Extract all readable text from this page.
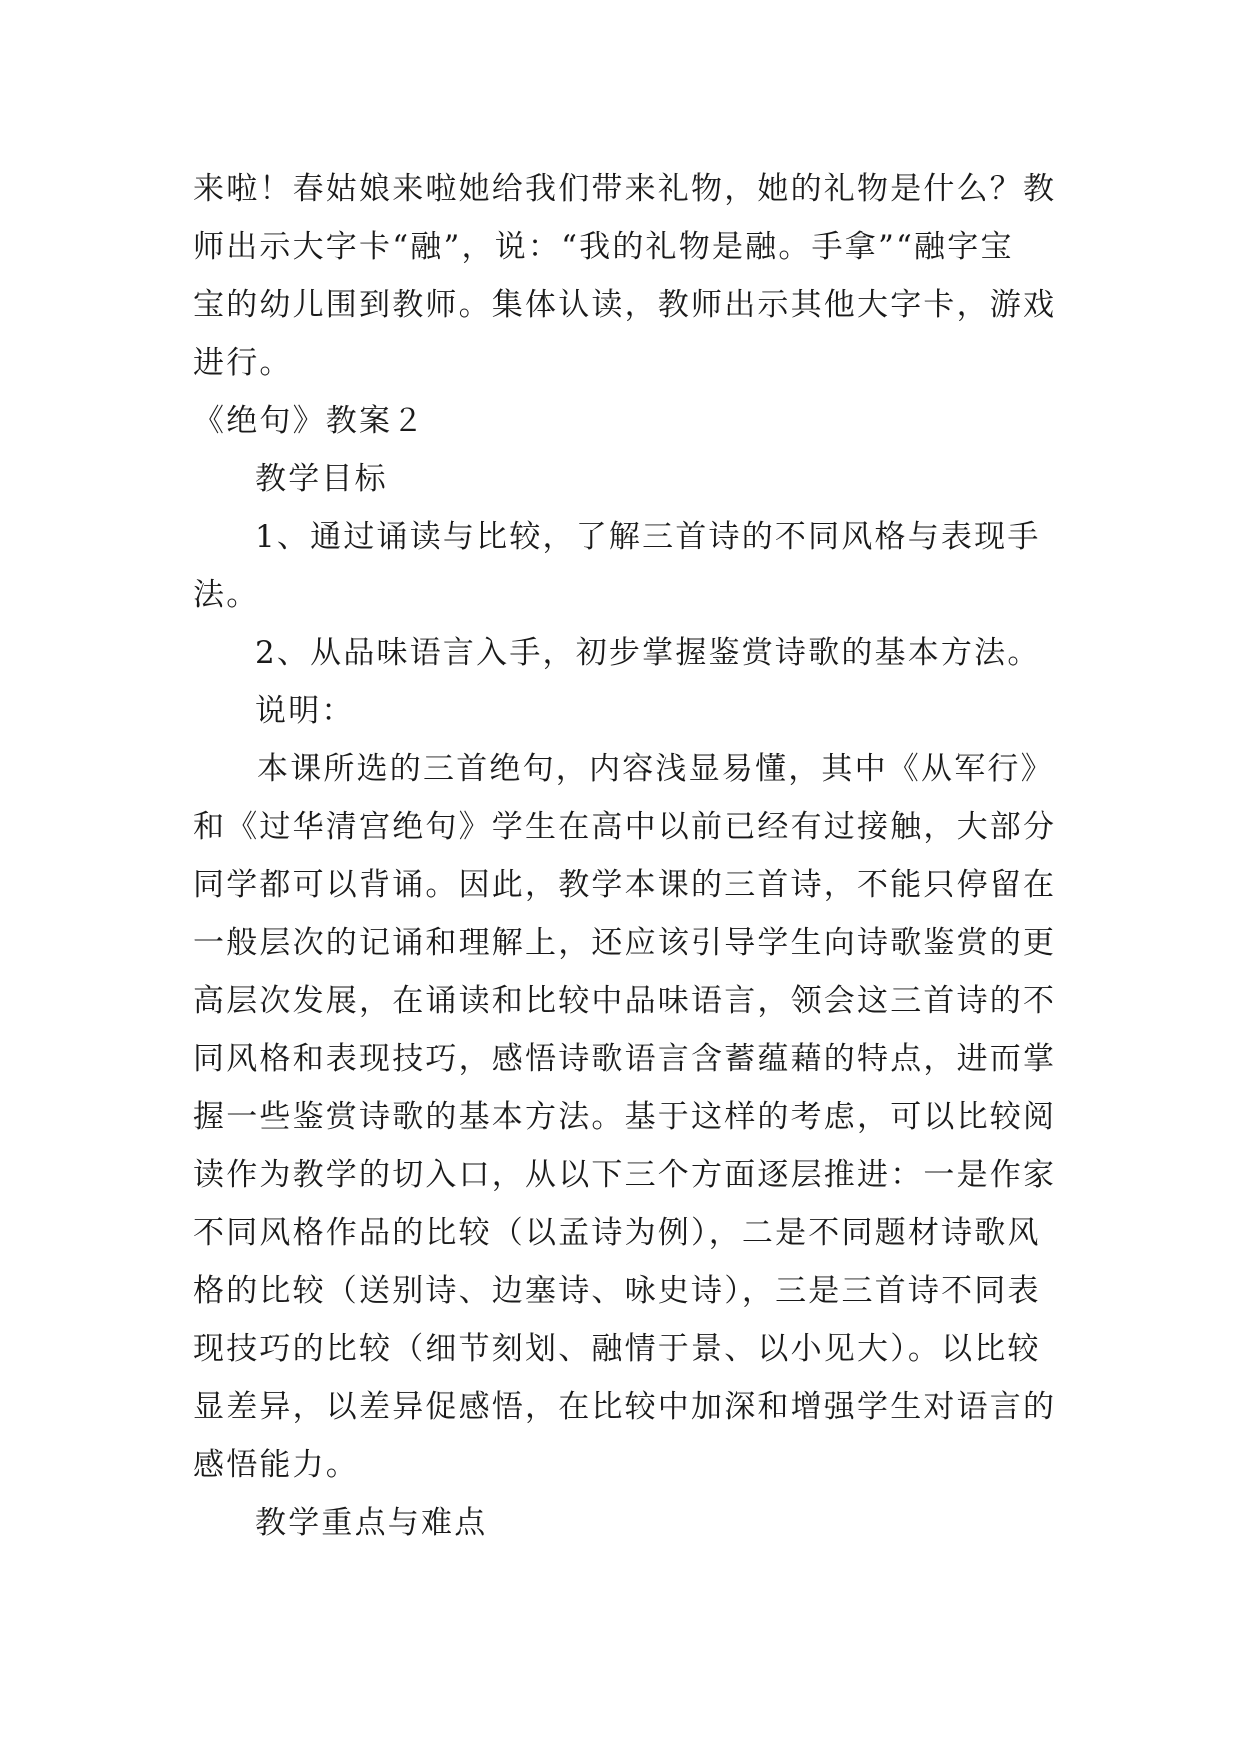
来啦！春姑娘来啦她给我们带来礼物，她的礼物是什么？教
师出示大字卡“融”，说：“我的礼物是融。手拿”“融字宝
宝的幼儿围到教师。集体认读，教师出示其他大字卡，游戏
进行。
《绝句》教案２
教学目标
1、通过诵读与比较，了解三首诗的不同风格与表现手
法。
2、从品味语言入手，初步掌握鉴赏诗歌的基本方法。
说明：
本课所选的三首绝句，内容浅显易懂，其中《从军行》
和《过华清宫绝句》学生在高中以前已经有过接触，大部分
同学都可以背诵。因此，教学本课的三首诗，不能只停留在
一般层次的记诵和理解上，还应该引导学生向诗歌鉴赏的更
高层次发展，在诵读和比较中品味语言，领会这三首诗的不
同风格和表现技巧，感悟诗歌语言含蓄蕴藉的特点，进而掌
握一些鉴赏诗歌的基本方法。基于这样的考虑，可以比较阅
读作为教学的切入口，从以下三个方面逐层推进：一是作家
不同风格作品的比较（以孟诗为例），二是不同题材诗歌风
格的比较（送别诗、边塞诗、咏史诗），三是三首诗不同表
现技巧的比较（细节刻划、融情于景、以小见大）。以比较
显差异，以差异促感悟，在比较中加深和增强学生对语言的
感悟能力。
教学重点与难点
